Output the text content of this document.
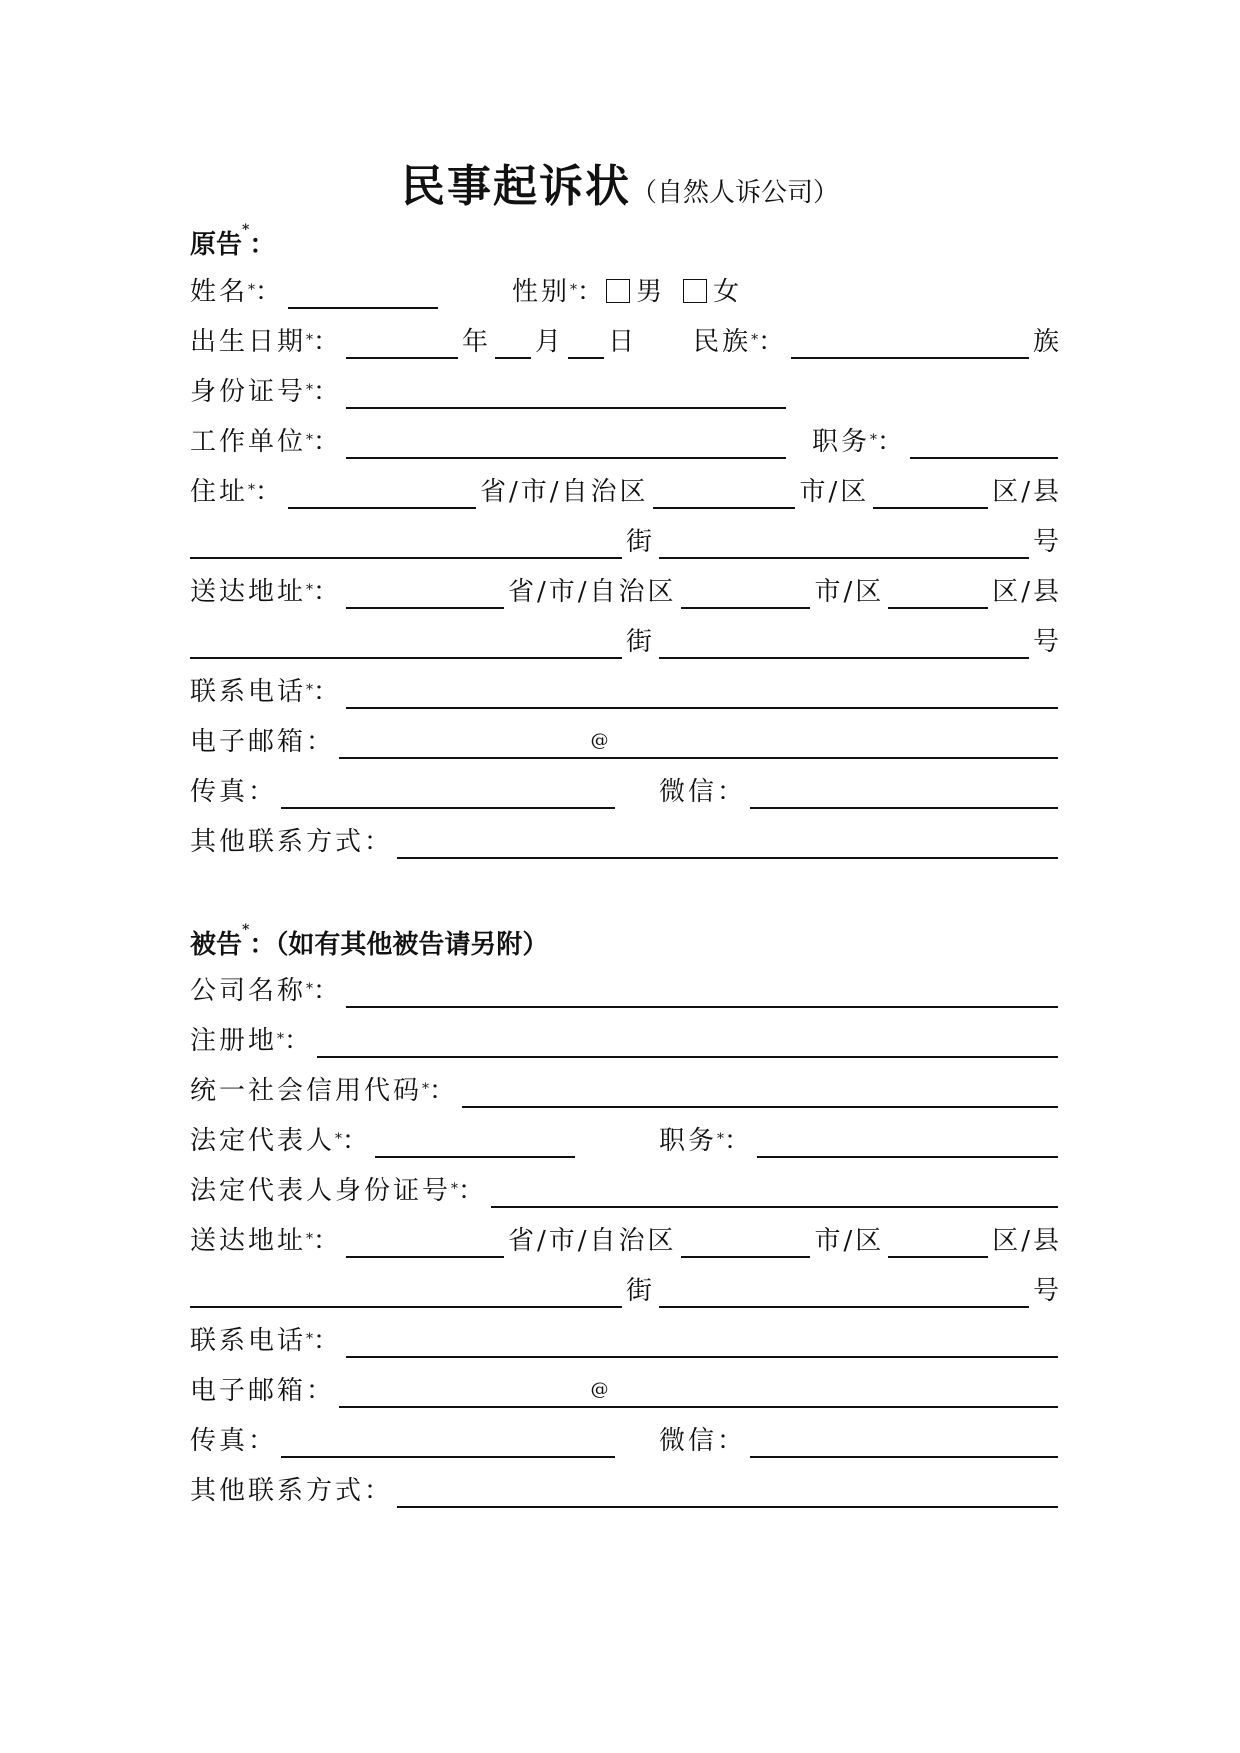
民事起诉状（自然人诉公司）
原告*：
姓名*：	性别*：	男	女
出生日期*：	年 月 日 民族*：	族
身份证号*：
工作单位*：	职务*：
住址*：	省/市/自治区	市/区	区/县
街	号
送达地址*：	省/市/自治区	市/区	区/县
街	号
联系电话*：
电子邮箱：	@
传真：	微信：
其他联系方式：
被告*：（如有其他被告请另附）
公司名称*：
注册地*：
统一社会信用代码*：
法定代表人*：	职务*：
法定代表人身份证号*：
送达地址*：	省/市/自治区	市/区	区/县
街	号
联系电话*：
电子邮箱：	@
传真：	微信：
其他联系方式：
